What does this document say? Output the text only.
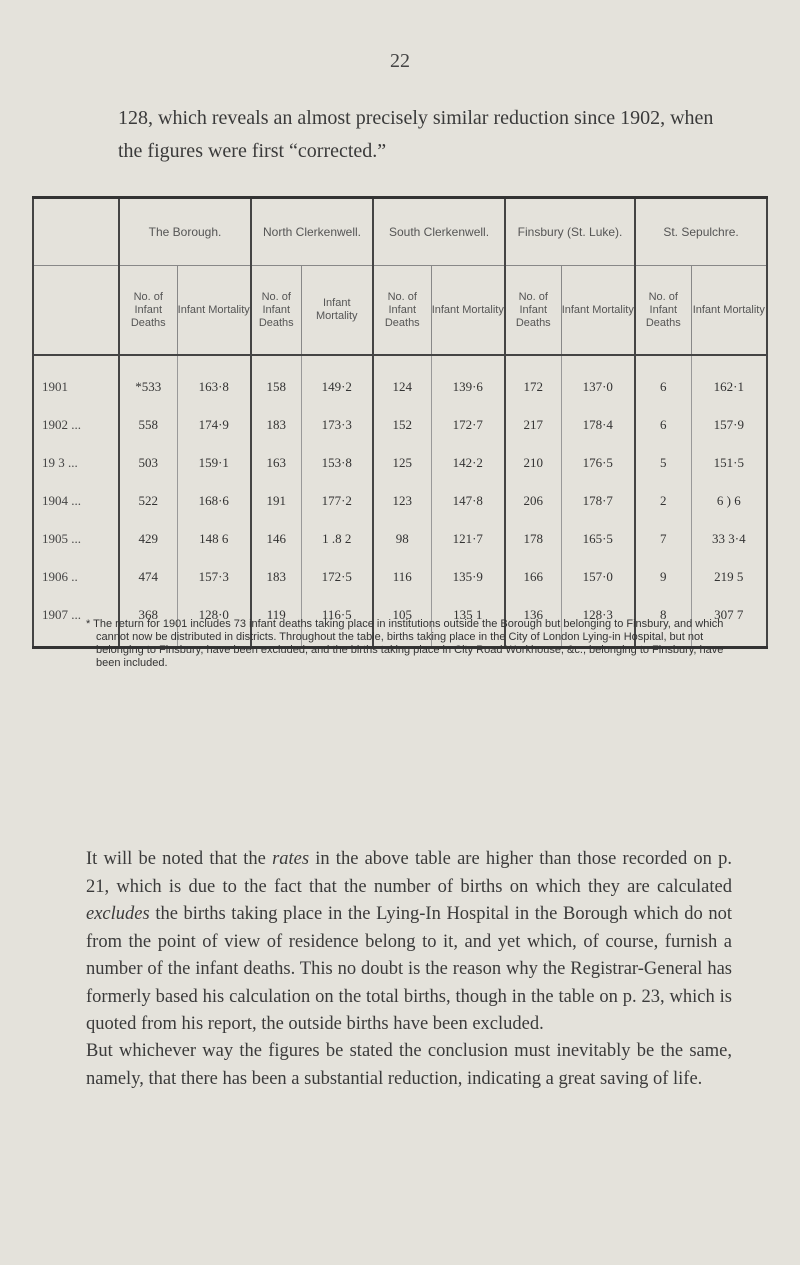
22
128, which reveals an almost precisely similar reduction since 1902, when the figures were first “corrected.”
	The Borough.		North Clerkenwell.		South Clerkenwell.		Finsbury (St. Luke).		St. Sepulchre.	
	No. of Infant Deaths	Infant Mortality	No. of Infant Deaths	Infant Mortality	No. of Infant Deaths	Infant Mortality	No. of Infant Deaths	Infant Mortality	No. of Infant Deaths	Infant Mortality

1901	*533	163·8	158	149·2	124	139·6	172	137·0	6	162·1
1902 ...	558	174·9	183	173·3	152	172·7	217	178·4	6	157·9
19 3 ...	503	159·1	163	153·8	125	142·2	210	176·5	5	151·5
1904 ...	522	168·6	191	177·2	123	147·8	206	178·7	2	6 ) 6
1905 ...	429	148 6	146	1 .8 2	98	121·7	178	165·5	7	33 3·4
1906 ..	474	157·3	183	172·5	116	135·9	166	157·0	9	219 5
1907 ...	368	128·0	119	116·5	105	135 1	136	128·3	8	307 7

* The return for 1901 includes 73 infant deaths taking place in institutions outside the Borough but belonging to Finsbury, and which cannot now be distributed in districts. Throughout the table, births taking place in the City of London Lying-in Hospital, but not belonging to Finsbury, have been excluded, and the births taking place in City Road Workhouse, &c., belonging to Finsbury, have been included.

It will be noted that the rates in the above table are higher than those recorded on p. 21, which is due to the fact that the number of births on which they are calculated excludes the births taking place in the Lying-In Hospital in the Borough which do not from the point of view of residence belong to it, and yet which, of course, furnish a number of the infant deaths. This no doubt is the reason why the Registrar-General has formerly based his calculation on the total births, though in the table on p. 23, which is quoted from his report, the outside births have been excluded.

But whichever way the figures be stated the conclusion must inevitably be the same, namely, that there has been a substantial reduction, indicating a great saving of life.
